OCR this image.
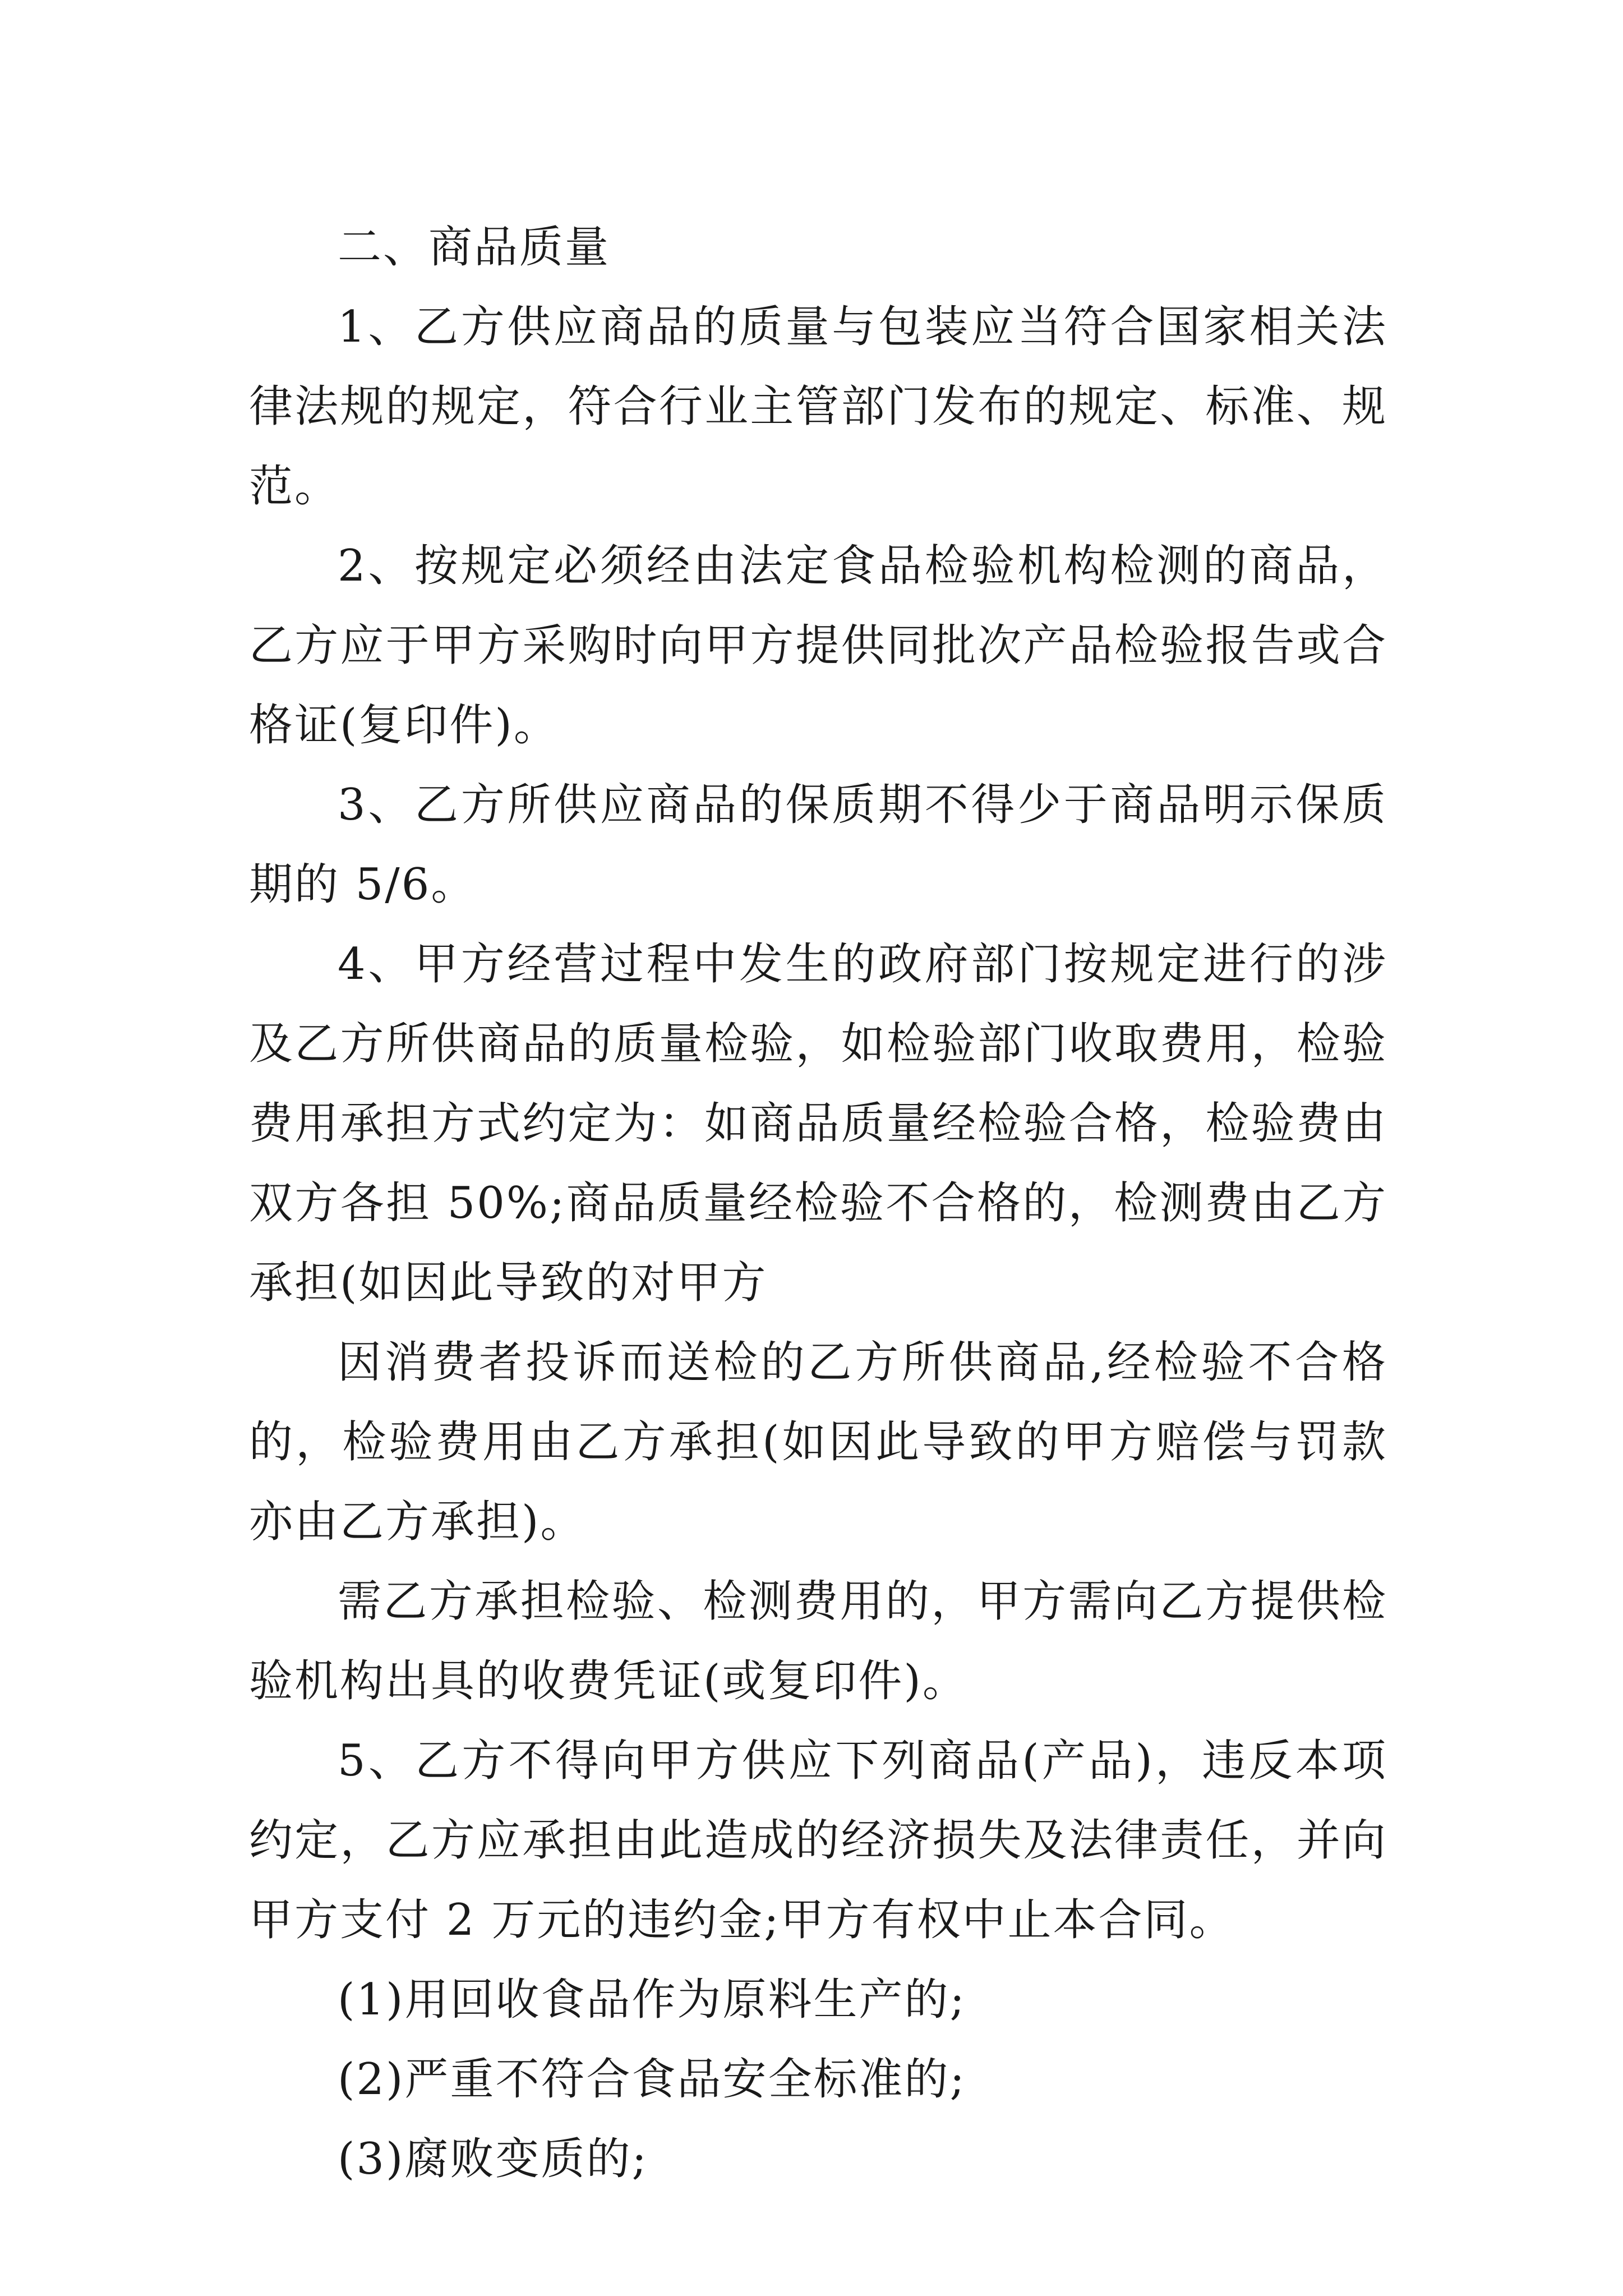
二、商品质量

1、乙方供应商品的质量与包装应当符合国家相关法律法规的规定，符合行业主管部门发布的规定、标准、规范。

2、按规定必须经由法定食品检验机构检测的商品，乙方应于甲方采购时向甲方提供同批次产品检验报告或合格证(复印件)。

3、乙方所供应商品的保质期不得少于商品明示保质期的 5/6。

4、甲方经营过程中发生的政府部门按规定进行的涉及乙方所供商品的质量检验，如检验部门收取费用，检验费用承担方式约定为：如商品质量经检验合格，检验费由双方各担 50%;商品质量经检验不合格的，检测费由乙方承担(如因此导致的对甲方

因消费者投诉而送检的乙方所供商品,经检验不合格的，检验费用由乙方承担(如因此导致的甲方赔偿与罚款亦由乙方承担)。

需乙方承担检验、检测费用的，甲方需向乙方提供检验机构出具的收费凭证(或复印件)。

5、乙方不得向甲方供应下列商品(产品)，违反本项约定，乙方应承担由此造成的经济损失及法律责任，并向甲方支付 2 万元的违约金;甲方有权中止本合同。

(1)用回收食品作为原料生产的;

(2)严重不符合食品安全标准的;

(3)腐败变质的;
